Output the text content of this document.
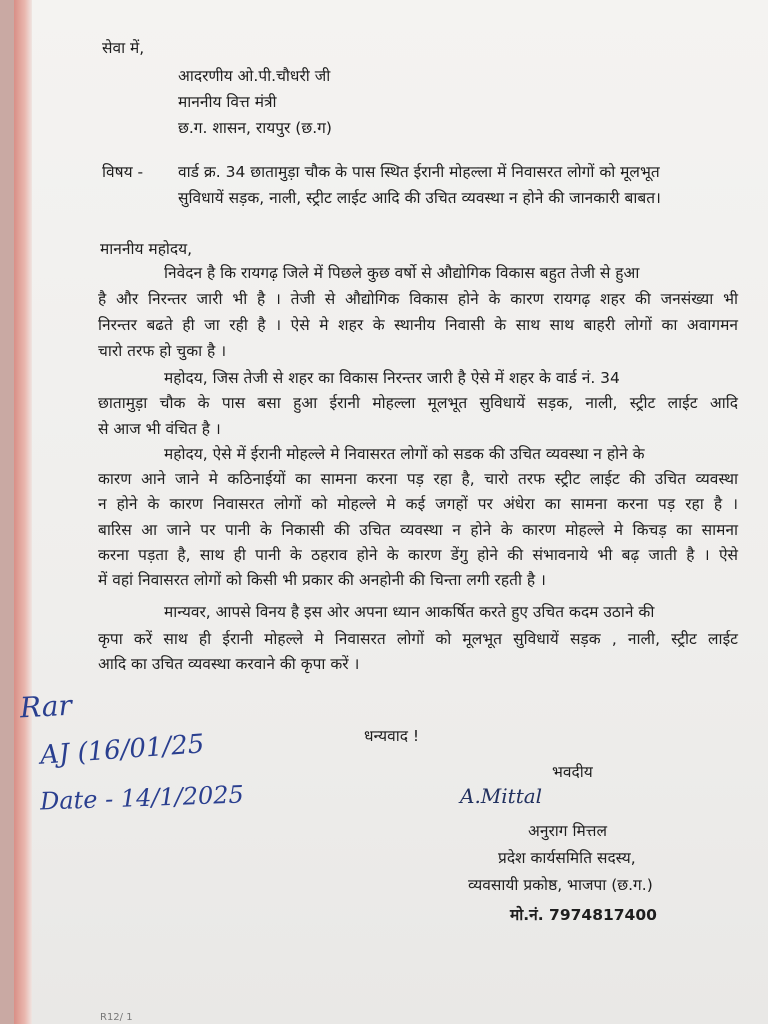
सेवा में,
आदरणीय ओ.पी.चौधरी जी
माननीय वित्त मंत्री
छ.ग. शासन, रायपुर (छ.ग)
विषय - वार्ड क्र. 34 छातामुड़ा चौक के पास स्थित ईरानी मोहल्ला में निवासरत लोगों को मूलभूत
सुविधायें सड़क, नाली, स्ट्रीट लाईट आदि की उचित व्यवस्था न होने की जानकारी बाबत।
माननीय महोदय,
निवेदन है कि रायगढ़ जिले में पिछले कुछ वर्षो से औद्योगिक विकास बहुत तेजी से हुआ
है और निरन्तर जारी भी है । तेजी से औद्योगिक विकास होने के कारण रायगढ़ शहर की जनसंख्या भी
निरन्तर बढते ही जा रही है । ऐसे मे शहर के स्थानीय निवासी के साथ साथ बाहरी लोगों का अवागमन
चारो तरफ हो चुका है ।
महोदय, जिस तेजी से शहर का विकास निरन्तर जारी है ऐसे में शहर के वार्ड नं. 34
छातामुड़ा चौक के पास बसा हुआ ईरानी मोहल्ला मूलभूत सुविधायें सड़क, नाली, स्ट्रीट लाईट आदि
से आज भी वंचित है ।
महोदय, ऐसे में ईरानी मोहल्ले मे निवासरत लोगों को सडक की उचित व्यवस्था न होने के
कारण आने जाने मे कठिनाईयों का सामना करना पड़ रहा है, चारो तरफ स्ट्रीट लाईट की उचित व्यवस्था
न होने के कारण निवासरत लोगों को मोहल्ले मे कई जगहों पर अंधेरा का सामना करना पड़ रहा है ।
बारिस आ जाने पर पानी के निकासी की उचित व्यवस्था न होने के कारण मोहल्ले मे किचड़ का सामना
करना पड़ता है, साथ ही पानी के ठहराव होने के कारण डेंगु होने की संभावनाये भी बढ़ जाती है । ऐसे
में वहां निवासरत लोगों को किसी भी प्रकार की अनहोनी की चिन्ता लगी रहती है ।
मान्यवर, आपसे विनय है इस ओर अपना ध्यान आकर्षित करते हुए उचित कदम उठाने की
कृपा करें साथ ही ईरानी मोहल्ले मे निवासरत लोगों को मूलभूत सुविधायें सड़क , नाली, स्ट्रीट लाईट
आदि का उचित व्यवस्था करवाने की कृपा करें ।
धन्यवाद !
भवदीय
A.Mittal
अनुराग मित्तल
प्रदेश कार्यसमिति सदस्य,
व्यवसायी प्रकोष्ठ, भाजपा (छ.ग.)
मो.नं. 7974817400
Rar
AJ (16/01/25
Date - 14/1/2025
R12/ 1
